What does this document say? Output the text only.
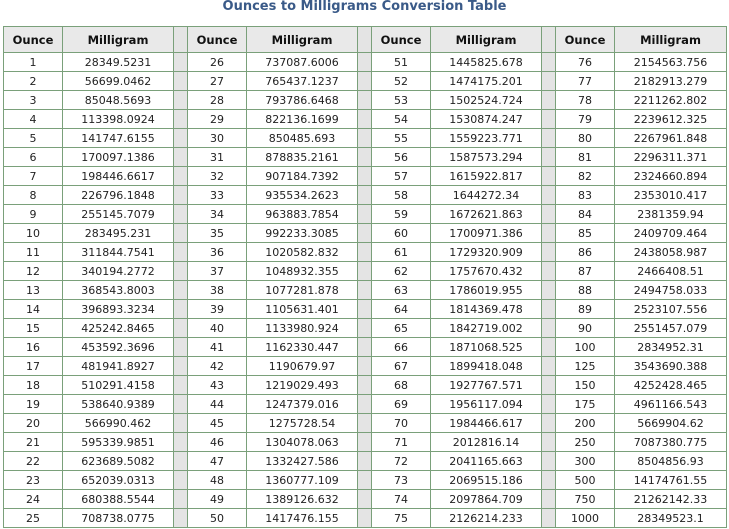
Ounces to Milligrams Conversion Table
Ounce	Milligram		Ounce	Milligram		Ounce	Milligram		Ounce	Milligram
1	28349.5231		26	737087.6006		51	1445825.678		76	2154563.756
2	56699.0462		27	765437.1237		52	1474175.201		77	2182913.279
3	85048.5693		28	793786.6468		53	1502524.724		78	2211262.802
4	113398.0924		29	822136.1699		54	1530874.247		79	2239612.325
5	141747.6155		30	850485.693		55	1559223.771		80	2267961.848
6	170097.1386		31	878835.2161		56	1587573.294		81	2296311.371
7	198446.6617		32	907184.7392		57	1615922.817		82	2324660.894
8	226796.1848		33	935534.2623		58	1644272.34		83	2353010.417
9	255145.7079		34	963883.7854		59	1672621.863		84	2381359.94
10	283495.231		35	992233.3085		60	1700971.386		85	2409709.464
11	311844.7541		36	1020582.832		61	1729320.909		86	2438058.987
12	340194.2772		37	1048932.355		62	1757670.432		87	2466408.51
13	368543.8003		38	1077281.878		63	1786019.955		88	2494758.033
14	396893.3234		39	1105631.401		64	1814369.478		89	2523107.556
15	425242.8465		40	1133980.924		65	1842719.002		90	2551457.079
16	453592.3696		41	1162330.447		66	1871068.525		100	2834952.31
17	481941.8927		42	1190679.97		67	1899418.048		125	3543690.388
18	510291.4158		43	1219029.493		68	1927767.571		150	4252428.465
19	538640.9389		44	1247379.016		69	1956117.094		175	4961166.543
20	566990.462		45	1275728.54		70	1984466.617		200	5669904.62
21	595339.9851		46	1304078.063		71	2012816.14		250	7087380.775
22	623689.5082		47	1332427.586		72	2041165.663		300	8504856.93
23	652039.0313		48	1360777.109		73	2069515.186		500	14174761.55
24	680388.5544		49	1389126.632		74	2097864.709		750	21262142.33
25	708738.0775		50	1417476.155		75	2126214.233		1000	28349523.1
